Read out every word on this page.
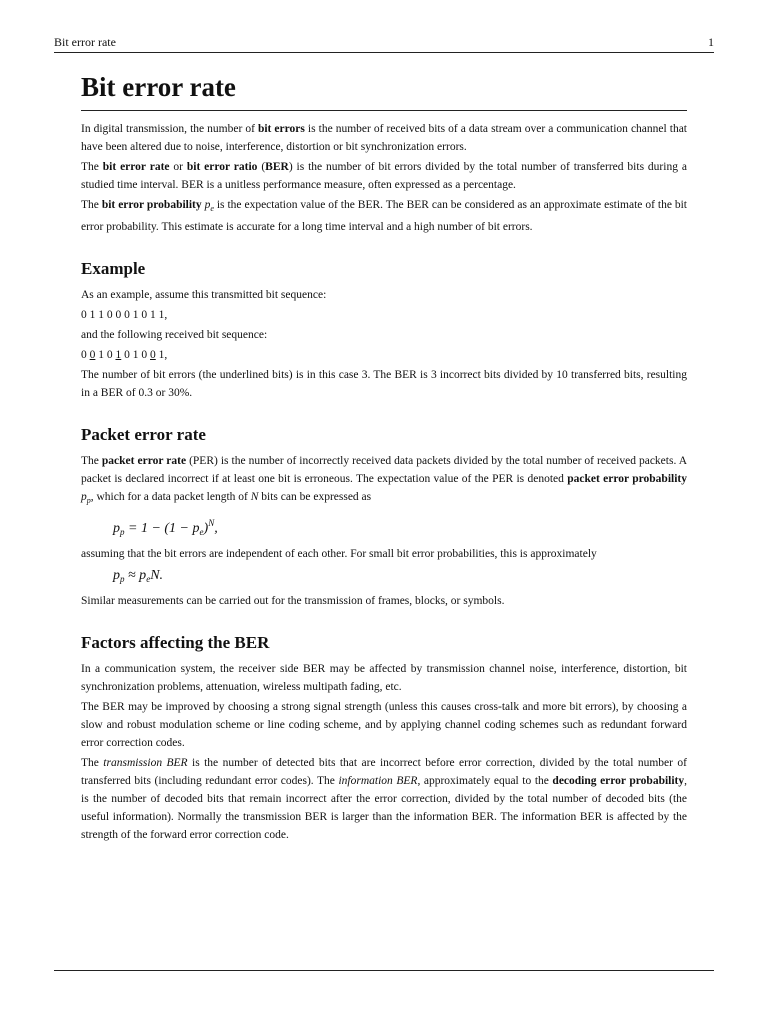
Bit error rate	1
Bit error rate

In digital transmission, the number of bit errors is the number of received bits of a data stream over a communication channel that have been altered due to noise, interference, distortion or bit synchronization errors.

The bit error rate or bit error ratio (BER) is the number of bit errors divided by the total number of transferred bits during a studied time interval. BER is a unitless performance measure, often expressed as a percentage.

The bit error probability $p_e$ is the expectation value of the BER. The BER can be considered as an approximate estimate of the bit error probability. This estimate is accurate for a long time interval and a high number of bit errors.

Example

As an example, assume this transmitted bit sequence:

0 1 1 0 0 0 1 0 1 1,

and the following received bit sequence:

0 0 1 0 1 0 1 0 0 1,

The number of bit errors (the underlined bits) is in this case 3. The BER is 3 incorrect bits divided by 10 transferred bits, resulting in a BER of 0.3 or 30%.

Packet error rate

The packet error rate (PER) is the number of incorrectly received data packets divided by the total number of received packets. A packet is declared incorrect if at least one bit is erroneous. The expectation value of the PER is denoted packet error probability $p_p$, which for a data packet length of N bits can be expressed as

$p_p = 1 - (1 - p_e)^N$,

assuming that the bit errors are independent of each other. For small bit error probabilities, this is approximately

$p_p \approx p_eN$.

Similar measurements can be carried out for the transmission of frames, blocks, or symbols.

Factors affecting the BER

In a communication system, the receiver side BER may be affected by transmission channel noise, interference, distortion, bit synchronization problems, attenuation, wireless multipath fading, etc.

The BER may be improved by choosing a strong signal strength (unless this causes cross-talk and more bit errors), by choosing a slow and robust modulation scheme or line coding scheme, and by applying channel coding schemes such as redundant forward error correction codes.

The transmission BER is the number of detected bits that are incorrect before error correction, divided by the total number of transferred bits (including redundant error codes). The information BER, approximately equal to the decoding error probability, is the number of decoded bits that remain incorrect after the error correction, divided by the total number of decoded bits (the useful information). Normally the transmission BER is larger than the information BER. The information BER is affected by the strength of the forward error correction code.
